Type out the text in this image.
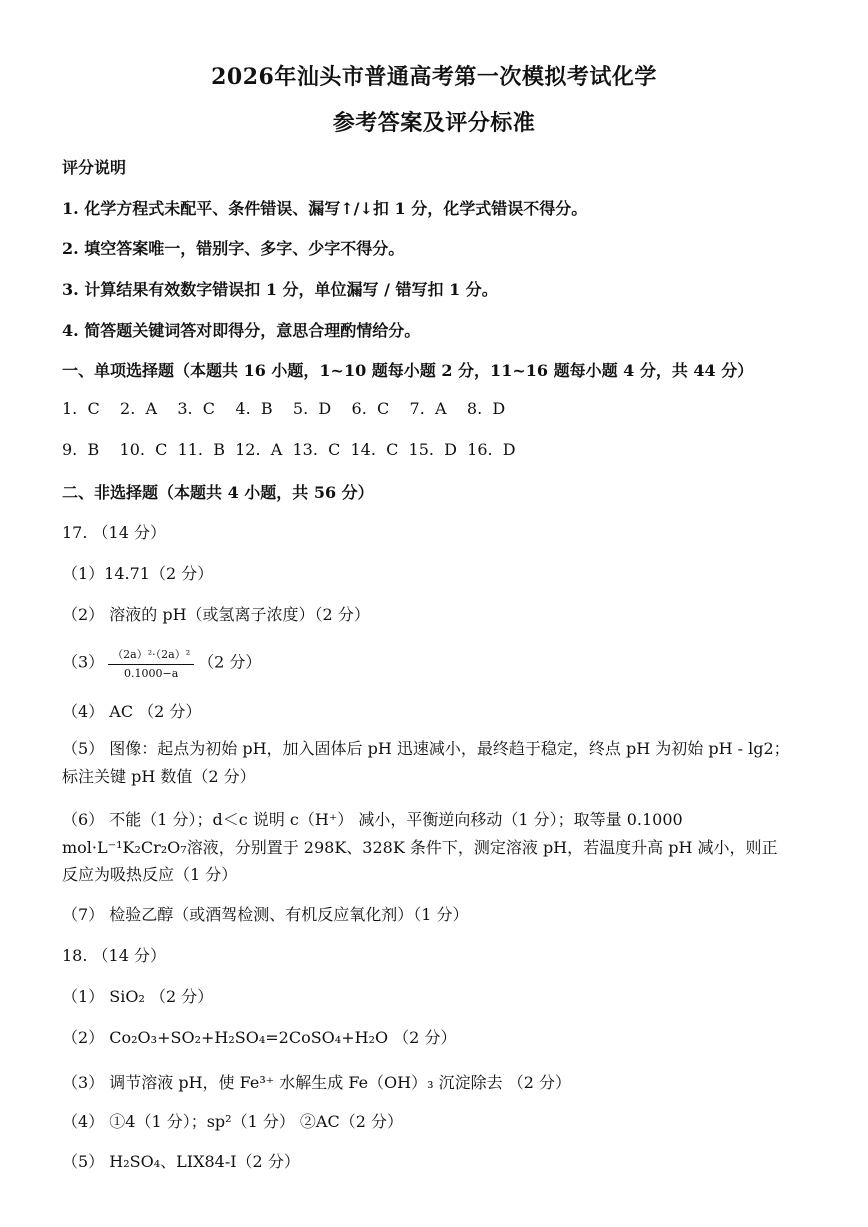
2026年汕头市普通高考第一次模拟考试化学
参考答案及评分标准
评分说明
1. 化学方程式未配平、条件错误、漏写↑/↓扣 1 分，化学式错误不得分。
2. 填空答案唯一，错别字、多字、少字不得分。
3. 计算结果有效数字错误扣 1 分，单位漏写 / 错写扣 1 分。
4. 简答题关键词答对即得分，意思合理酌情给分。
一、单项选择题（本题共 16 小题，1~10 题每小题 2 分，11~16 题每小题 4 分，共 44 分）
1.  C    2.  A    3.  C    4.  B    5.  D    6.  C    7.  A    8.  D
9.  B    10.  C  11.  B  12.  A  13.  C  14.  C  15.  D  16.  D
二、非选择题（本题共 4 小题，共 56 分）
17. （14 分）
（1）14.71（2 分）
（2） 溶液的 pH（或氢离子浓度）（2 分）
$(3) \frac{\text{（2a）²·（2a）²}}{0.1000-a} (2$ 分）
（4） AC （2 分）
（5） 图像：起点为初始 pH，加入固体后 pH 迅速减小，最终趋于稳定，终点 pH 为初始 pH - lg2；标注关键 pH 数值（2 分）
（6） 不能（1 分）；d＜c 说明 c（H⁺） 减小，平衡逆向移动（1 分）；取等量 0.1000
mol·L⁻¹K₂Cr₂O₇溶液，分别置于 298K、328K 条件下，测定溶液 pH，若温度升高 pH 减小，则正
反应为吸热反应（1 分）
（7） 检验乙醇（或酒驾检测、有机反应氧化剂）（1 分）
18. （14 分）
（1） SiO₂ （2 分）
（2） Co₂O₃+SO₂+H₂SO₄=2CoSO₄+H₂O （2 分）
（3） 调节溶液 pH，使 Fe³⁺ 水解生成 Fe（OH）₃ 沉淀除去 （2 分）
（4） ①4（1 分）；sp²（1 分） ②AC（2 分）
（5） H₂SO₄、LIX84-I（2 分）
